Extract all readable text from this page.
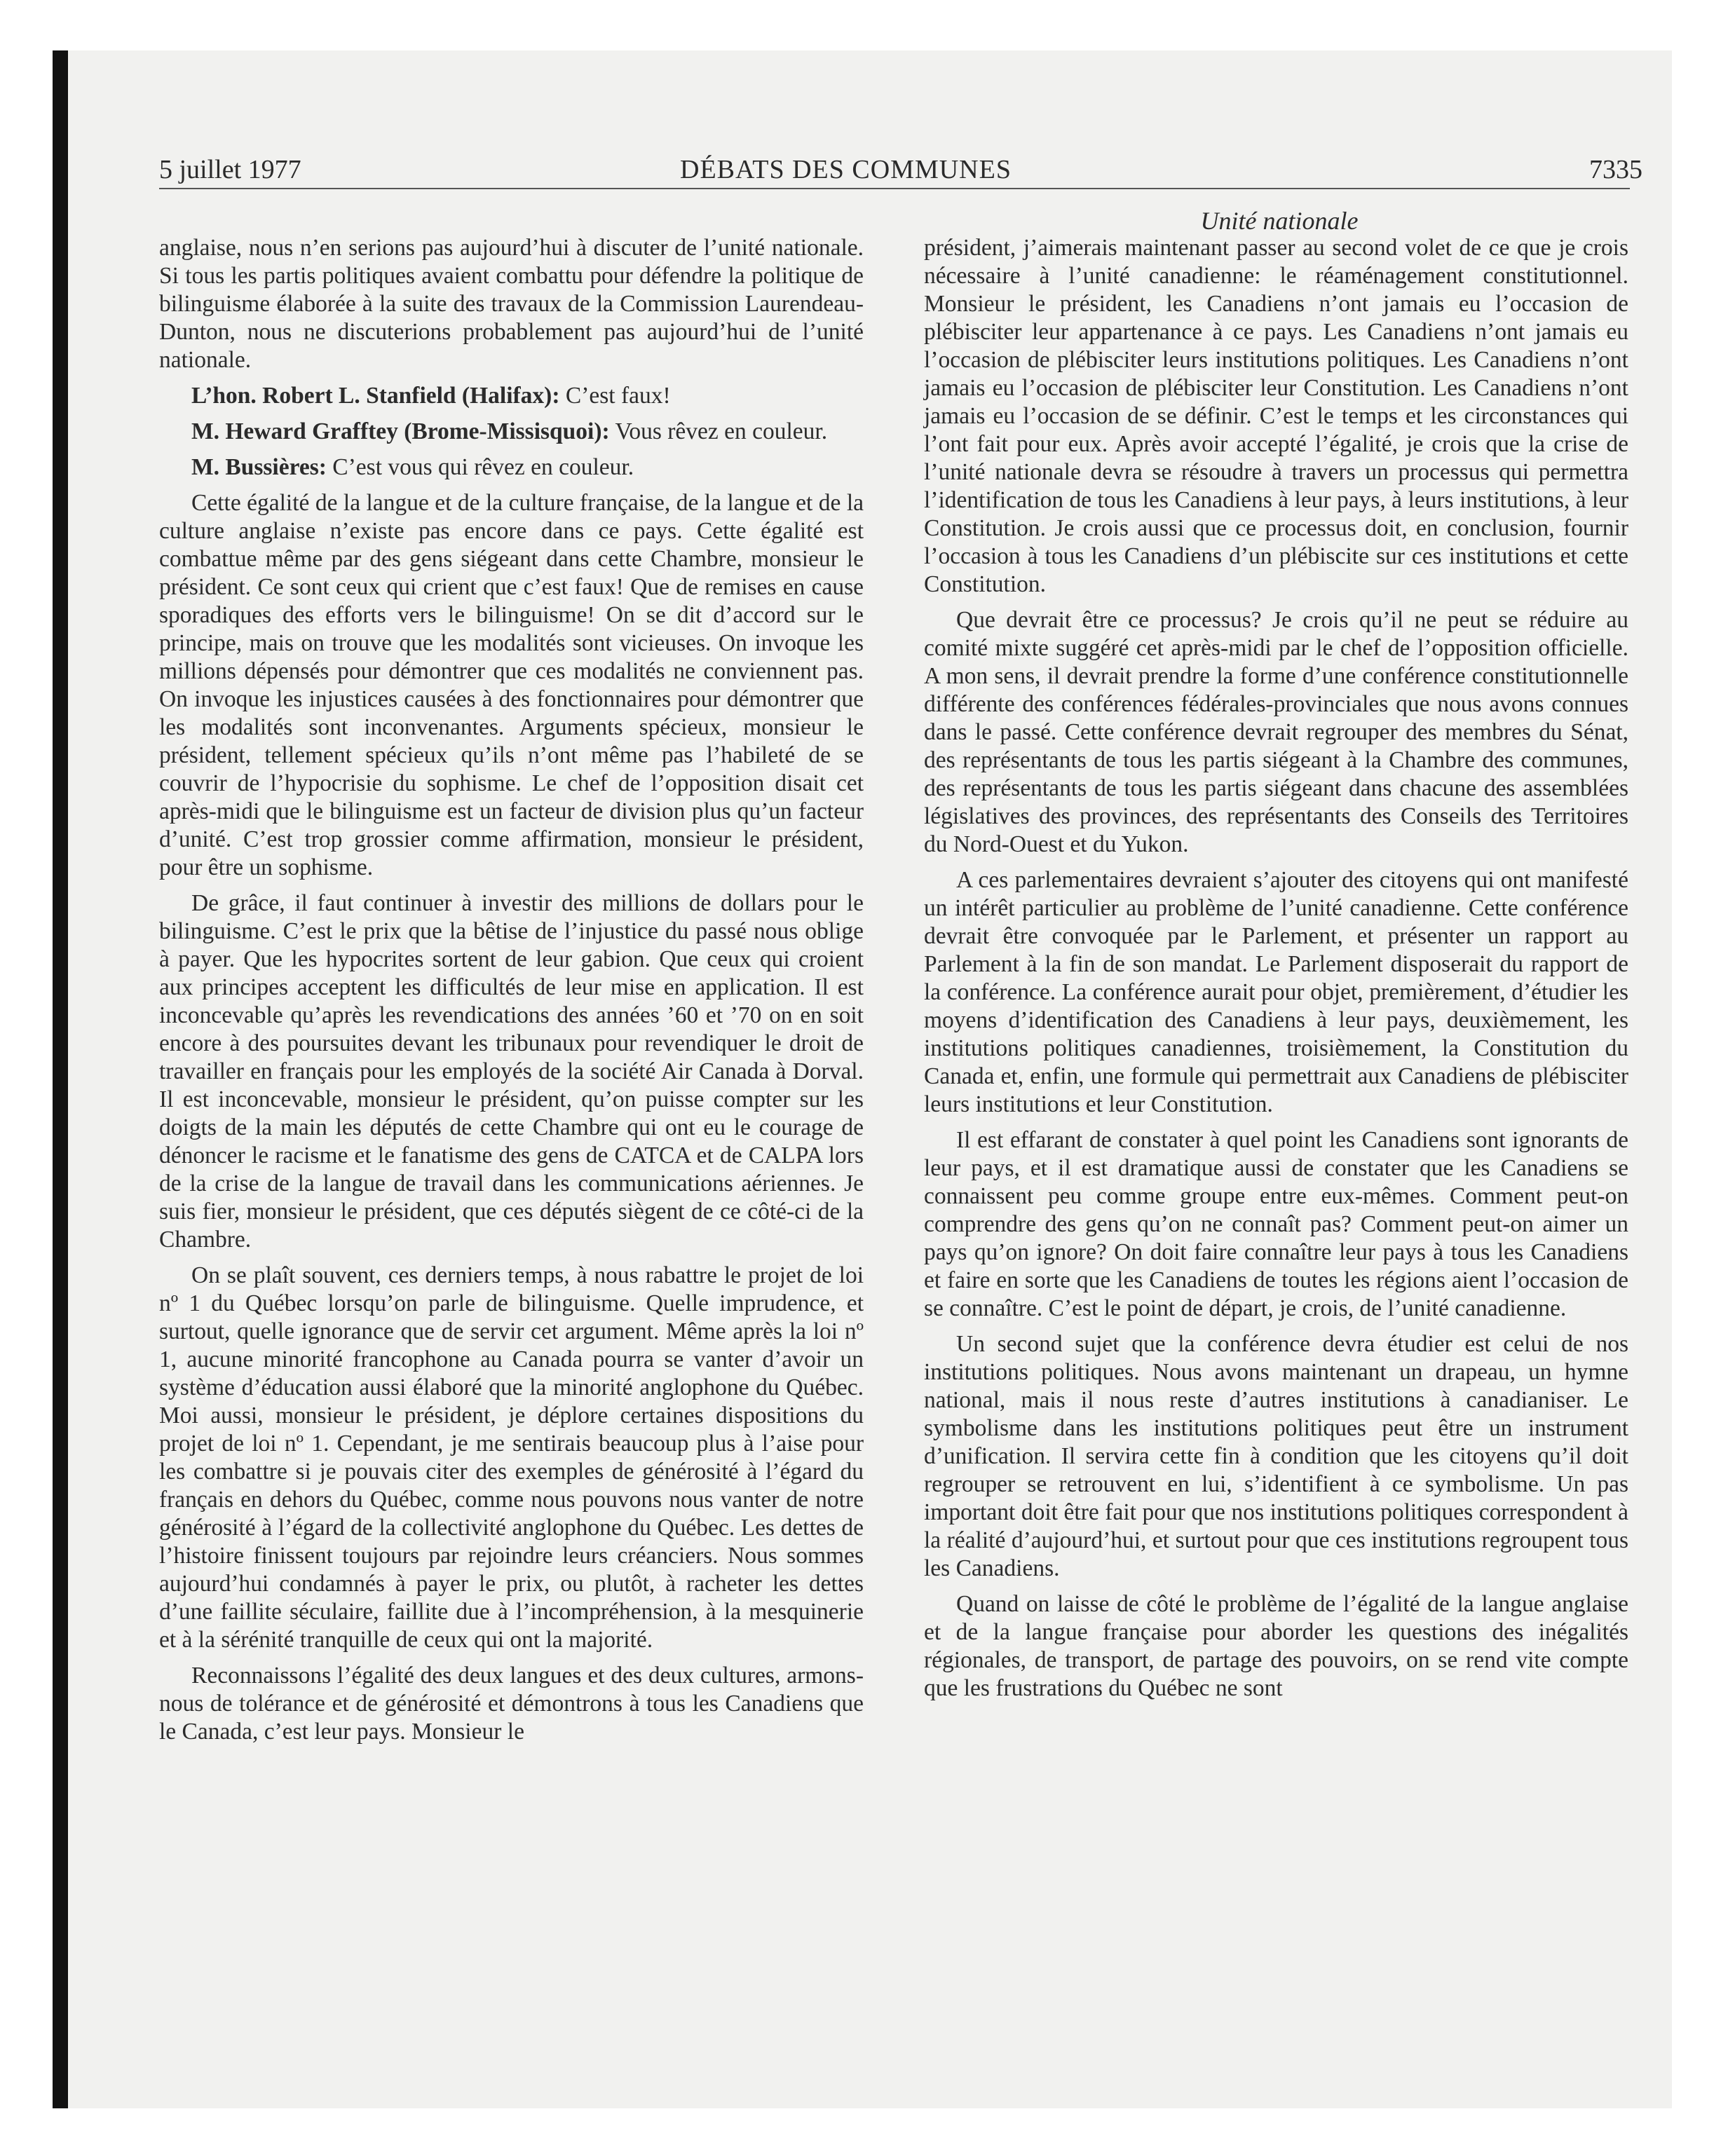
5 juillet 1977	DÉBATS DES COMMUNES	7335
Unité nationale

anglaise, nous n’en serions pas aujourd’hui à discuter de l’unité nationale. Si tous les partis politiques avaient combattu pour défendre la politique de bilinguisme élaborée à la suite des travaux de la Commission Laurendeau-Dunton, nous ne discuterions probablement pas aujourd’hui de l’unité nationale.

L’hon. Robert L. Stanfield (Halifax): C’est faux!

M. Heward Grafftey (Brome-Missisquoi): Vous rêvez en couleur.

M. Bussières: C’est vous qui rêvez en couleur.

Cette égalité de la langue et de la culture française, de la langue et de la culture anglaise n’existe pas encore dans ce pays. Cette égalité est combattue même par des gens siégeant dans cette Chambre, monsieur le président. Ce sont ceux qui crient que c’est faux! Que de remises en cause sporadiques des efforts vers le bilinguisme! On se dit d’accord sur le principe, mais on trouve que les modalités sont vicieuses. On invoque les millions dépensés pour démontrer que ces modalités ne conviennent pas. On invoque les injustices causées à des fonctionnaires pour démontrer que les modalités sont inconvenantes. Arguments spécieux, monsieur le président, tellement spécieux qu’ils n’ont même pas l’habileté de se couvrir de l’hypocrisie du sophisme. Le chef de l’opposition disait cet après-midi que le bilinguisme est un facteur de division plus qu’un facteur d’unité. C’est trop grossier comme affirmation, monsieur le président, pour être un sophisme.

De grâce, il faut continuer à investir des millions de dollars pour le bilinguisme. C’est le prix que la bêtise de l’injustice du passé nous oblige à payer. Que les hypocrites sortent de leur gabion. Que ceux qui croient aux principes acceptent les difficultés de leur mise en application. Il est inconcevable qu’après les revendications des années ’60 et ’70 on en soit encore à des poursuites devant les tribunaux pour revendiquer le droit de travailler en français pour les employés de la société Air Canada à Dorval. Il est inconcevable, monsieur le président, qu’on puisse compter sur les doigts de la main les députés de cette Chambre qui ont eu le courage de dénoncer le racisme et le fanatisme des gens de CATCA et de CALPA lors de la crise de la langue de travail dans les communications aériennes. Je suis fier, monsieur le président, que ces députés siègent de ce côté-ci de la Chambre.

On se plaît souvent, ces derniers temps, à nous rabattre le projet de loi nº 1 du Québec lorsqu’on parle de bilinguisme. Quelle imprudence, et surtout, quelle ignorance que de servir cet argument. Même après la loi nº 1, aucune minorité francophone au Canada pourra se vanter d’avoir un système d’éducation aussi élaboré que la minorité anglophone du Québec. Moi aussi, monsieur le président, je déplore certaines dispositions du projet de loi nº 1. Cependant, je me sentirais beaucoup plus à l’aise pour les combattre si je pouvais citer des exemples de générosité à l’égard du français en dehors du Québec, comme nous pouvons nous vanter de notre générosité à l’égard de la collectivité anglophone du Québec. Les dettes de l’histoire finissent toujours par rejoindre leurs créanciers. Nous sommes aujourd’hui condamnés à payer le prix, ou plutôt, à racheter les dettes d’une faillite séculaire, faillite due à l’incompréhension, à la mesquinerie et à la sérénité tranquille de ceux qui ont la majorité.

Reconnaissons l’égalité des deux langues et des deux cultures, armons-nous de tolérance et de générosité et démontrons à tous les Canadiens que le Canada, c’est leur pays. Monsieur le

président, j’aimerais maintenant passer au second volet de ce que je crois nécessaire à l’unité canadienne: le réaménagement constitutionnel. Monsieur le président, les Canadiens n’ont jamais eu l’occasion de plébisciter leur appartenance à ce pays. Les Canadiens n’ont jamais eu l’occasion de plébisciter leurs institutions politiques. Les Canadiens n’ont jamais eu l’occasion de plébisciter leur Constitution. Les Canadiens n’ont jamais eu l’occasion de se définir. C’est le temps et les circonstances qui l’ont fait pour eux. Après avoir accepté l’égalité, je crois que la crise de l’unité nationale devra se résoudre à travers un processus qui permettra l’identification de tous les Canadiens à leur pays, à leurs institutions, à leur Constitution. Je crois aussi que ce processus doit, en conclusion, fournir l’occasion à tous les Canadiens d’un plébiscite sur ces institutions et cette Constitution.

Que devrait être ce processus? Je crois qu’il ne peut se réduire au comité mixte suggéré cet après-midi par le chef de l’opposition officielle. A mon sens, il devrait prendre la forme d’une conférence constitutionnelle différente des conférences fédérales-provinciales que nous avons connues dans le passé. Cette conférence devrait regrouper des membres du Sénat, des représentants de tous les partis siégeant à la Chambre des communes, des représentants de tous les partis siégeant dans chacune des assemblées législatives des provinces, des représentants des Conseils des Territoires du Nord-Ouest et du Yukon.

A ces parlementaires devraient s’ajouter des citoyens qui ont manifesté un intérêt particulier au problème de l’unité canadienne. Cette conférence devrait être convoquée par le Parlement, et présenter un rapport au Parlement à la fin de son mandat. Le Parlement disposerait du rapport de la conférence. La conférence aurait pour objet, premièrement, d’étudier les moyens d’identification des Canadiens à leur pays, deuxièmement, les institutions politiques canadiennes, troisièmement, la Constitution du Canada et, enfin, une formule qui permettrait aux Canadiens de plébisciter leurs institutions et leur Constitution.

Il est effarant de constater à quel point les Canadiens sont ignorants de leur pays, et il est dramatique aussi de constater que les Canadiens se connaissent peu comme groupe entre eux-mêmes. Comment peut-on comprendre des gens qu’on ne connaît pas? Comment peut-on aimer un pays qu’on ignore? On doit faire connaître leur pays à tous les Canadiens et faire en sorte que les Canadiens de toutes les régions aient l’occasion de se connaître. C’est le point de départ, je crois, de l’unité canadienne.

Un second sujet que la conférence devra étudier est celui de nos institutions politiques. Nous avons maintenant un drapeau, un hymne national, mais il nous reste d’autres institutions à canadianiser. Le symbolisme dans les institutions politiques peut être un instrument d’unification. Il servira cette fin à condition que les citoyens qu’il doit regrouper se retrouvent en lui, s’identifient à ce symbolisme. Un pas important doit être fait pour que nos institutions politiques correspondent à la réalité d’aujourd’hui, et surtout pour que ces institutions regroupent tous les Canadiens.

Quand on laisse de côté le problème de l’égalité de la langue anglaise et de la langue française pour aborder les questions des inégalités régionales, de transport, de partage des pouvoirs, on se rend vite compte que les frustrations du Québec ne sont
